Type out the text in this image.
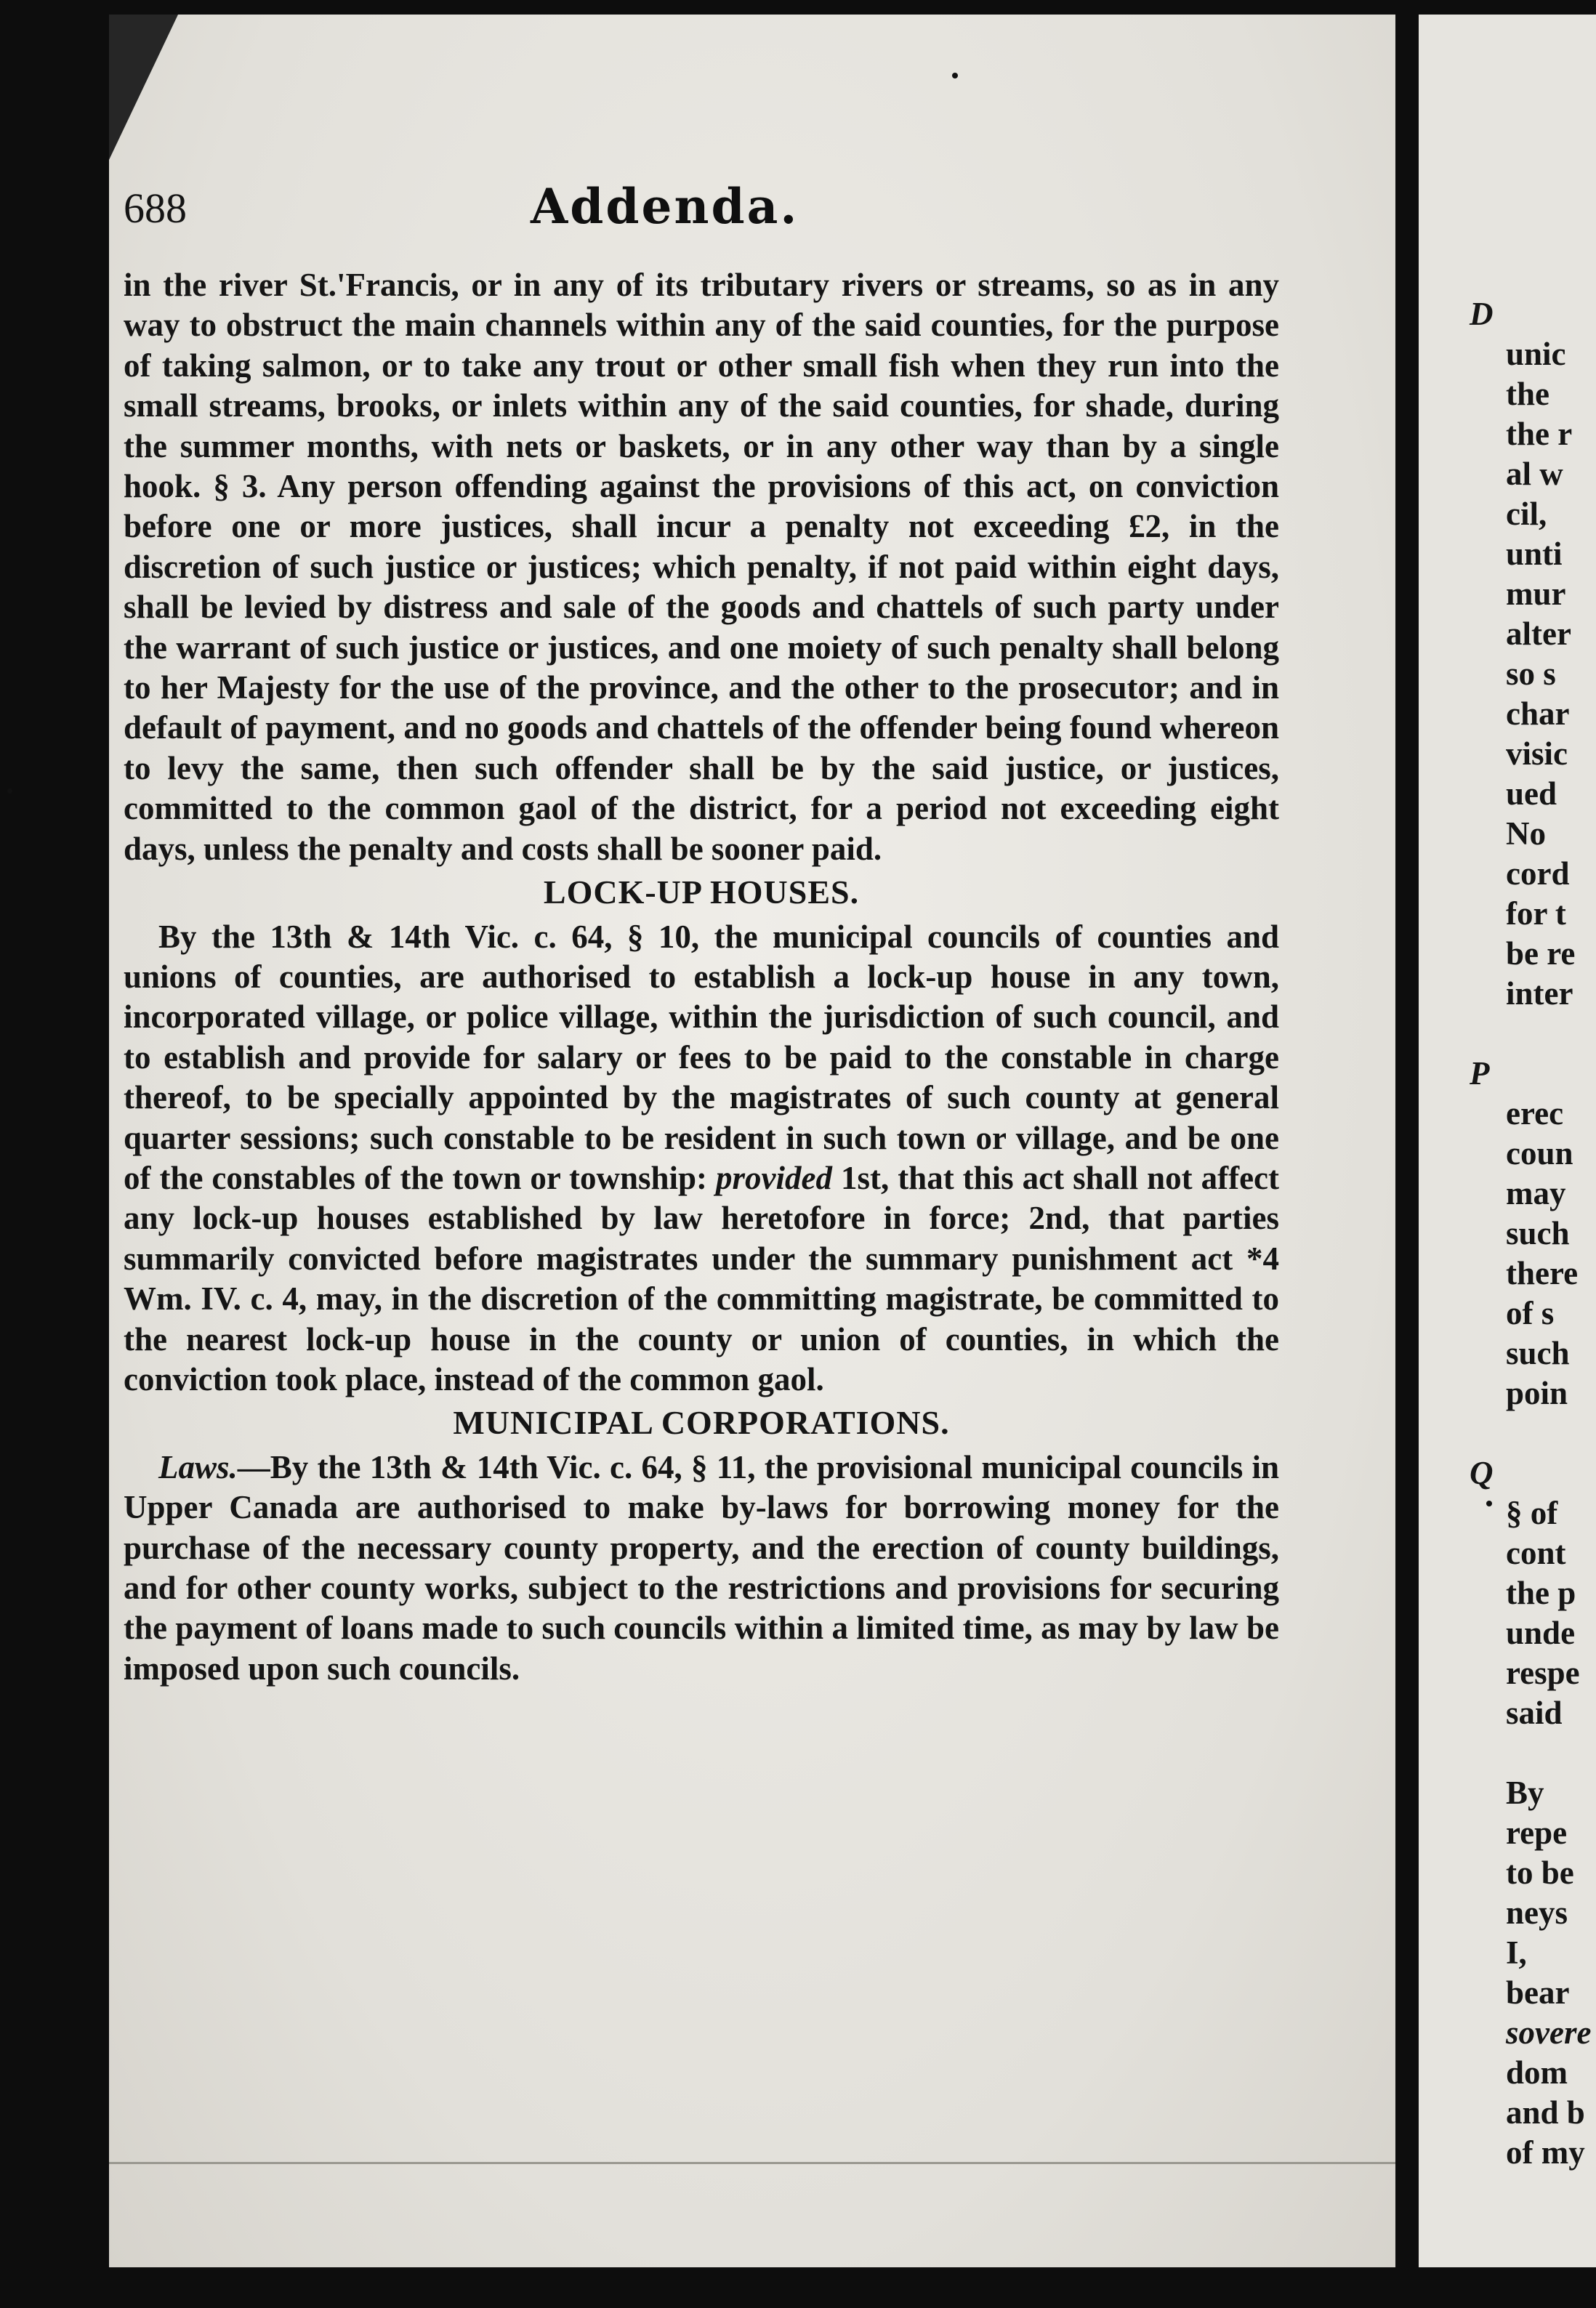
688	Addenda.

in the river St.'Francis, or in any of its tributary rivers or streams, so as in any way to obstruct the main channels within any of the said counties, for the purpose of taking salmon, or to take any trout or other small fish when they run into the small streams, brooks, or inlets within any of the said counties, for shade, during the summer months, with nets or baskets, or in any other way than by a single hook. § 3. Any person offending against the provisions of this act, on conviction before one or more justices, shall incur a penalty not exceeding £2, in the discretion of such justice or justices; which penalty, if not paid within eight days, shall be levied by distress and sale of the goods and chattels of such party under the warrant of such justice or justices, and one moiety of such penalty shall belong to her Majesty for the use of the province, and the other to the prosecutor; and in default of payment, and no goods and chattels of the offender being found whereon to levy the same, then such offender shall be by the said justice, or justices, committed to the common gaol of the district, for a period not exceeding eight days, unless the penalty and costs shall be sooner paid.

LOCK-UP HOUSES.

By the 13th & 14th Vic. c. 64, § 10, the municipal councils of counties and unions of counties, are authorised to establish a lock-up house in any town, incorporated village, or police village, within the jurisdiction of such council, and to establish and provide for salary or fees to be paid to the constable in charge thereof, to be specially appointed by the magistrates of such county at general quarter sessions; such constable to be resident in such town or village, and be one of the constables of the town or township: provided 1st, that this act shall not affect any lock-up houses established by law heretofore in force; 2nd, that parties summarily convicted before magistrates under the summary punishment act *4 Wm. IV. c. 4, may, in the discretion of the committing magistrate, be committed to the nearest lock-up house in the county or union of counties, in which the conviction took place, instead of the common gaol.

MUNICIPAL CORPORATIONS.

Laws.—By the 13th & 14th Vic. c. 64, § 11, the provisional municipal councils in Upper Canada are authorised to make by-laws for borrowing money for the purchase of the necessary county property, and the erection of county buildings, and for other county works, subject to the restrictions and provisions for securing the payment of loans made to such councils within a limited time, as may by law be imposed upon such councils.

D
unic
the
the r
al w
cil,
unti
mur
alter
so s
char
visic
ued
No
cord
for t
be re
inter
P
erec
coun
may
such
there
of s
such
poin
Q
§ of
cont
the p
unde
respe
said
By
repe
to be
neys
I,
bear
sovere
dom
and b
of my
